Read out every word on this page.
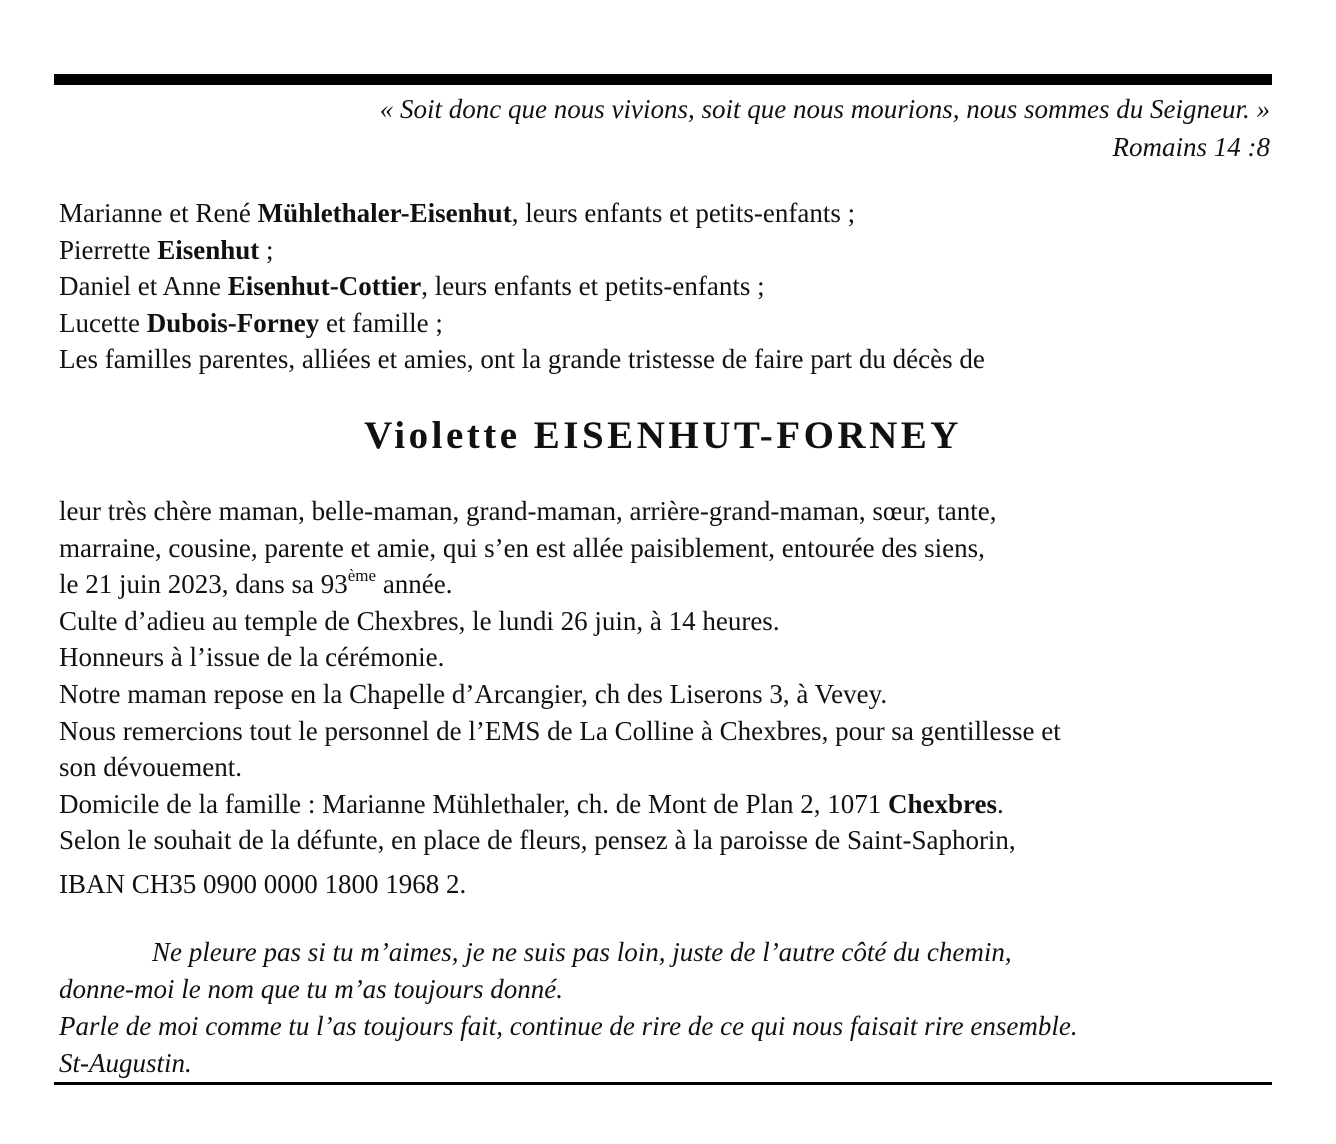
« Soit donc que nous vivions, soit que nous mourions, nous sommes du Seigneur. »
Romains 14 :8
Marianne et René Mühlethaler-Eisenhut, leurs enfants et petits-enfants ;
Pierrette Eisenhut ;
Daniel et Anne Eisenhut-Cottier, leurs enfants et petits-enfants ;
Lucette Dubois-Forney et famille ;
Les familles parentes, alliées et amies, ont la grande tristesse de faire part du décès de
Violette EISENHUT-FORNEY
leur très chère maman, belle-maman, grand-maman, arrière-grand-maman, sœur, tante,
marraine, cousine, parente et amie, qui s’en est allée paisiblement, entourée des siens,
le 21 juin 2023, dans sa 93ème année.
Culte d’adieu au temple de Chexbres, le lundi 26 juin, à 14 heures.
Honneurs à l’issue de la cérémonie.
Notre maman repose en la Chapelle d’Arcangier, ch des Liserons 3, à Vevey.
Nous remercions tout le personnel de l’EMS de La Colline à Chexbres, pour sa gentillesse et
son dévouement.
Domicile de la famille : Marianne Mühlethaler, ch. de Mont de Plan 2, 1071 Chexbres.
Selon le souhait de la défunte, en place de fleurs, pensez à la paroisse de Saint-Saphorin,
IBAN CH35 0900 0000 1800 1968 2.
Ne pleure pas si tu m’aimes, je ne suis pas loin, juste de l’autre côté du chemin,
donne-moi le nom que tu m’as toujours donné.
Parle de moi comme tu l’as toujours fait, continue de rire de ce qui nous faisait rire ensemble.
St-Augustin.
